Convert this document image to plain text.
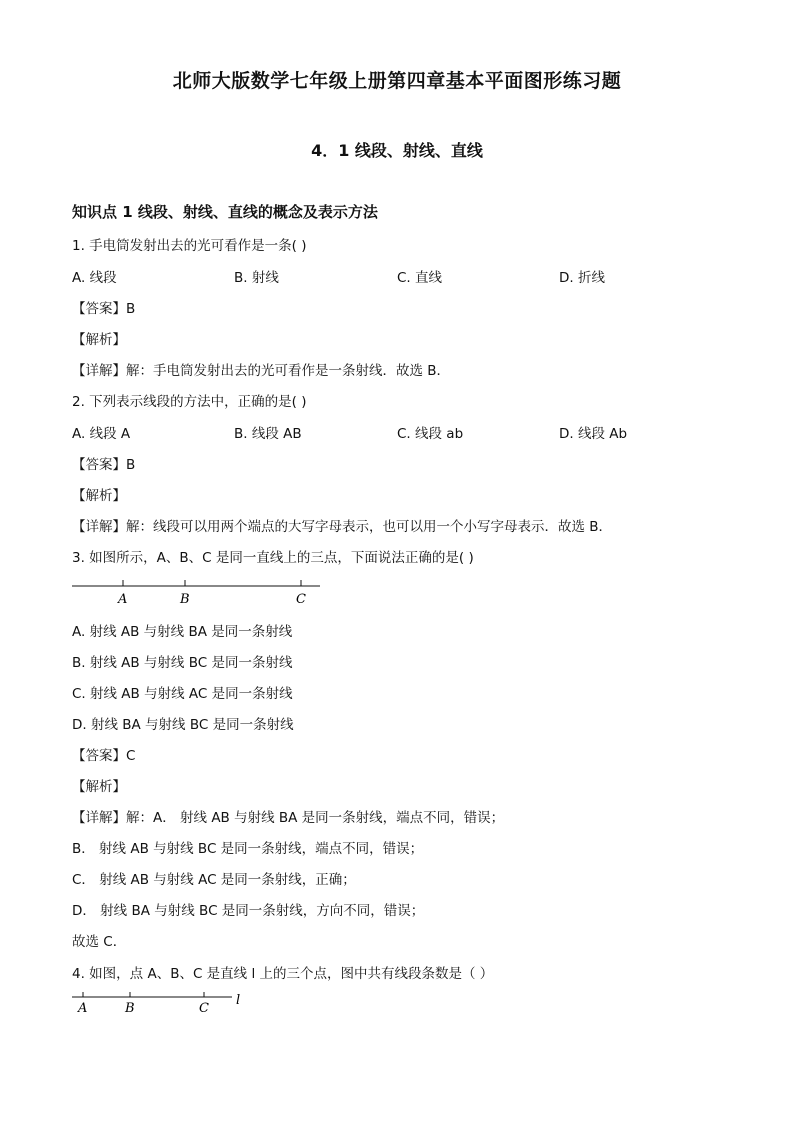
北师大版数学七年级上册第四章基本平面图形练习题
4．1 线段、射线、直线
知识点 1 线段、射线、直线的概念及表示方法
1. 手电筒发射出去的光可看作是一条( )
A. 线段	B. 射线	C. 直线	D. 折线
【答案】B
【解析】
【详解】解：手电筒发射出去的光可看作是一条射线．故选 B．
2. 下列表示线段的方法中，正确的是( )
A. 线段 A	B. 线段 AB	C. 线段 ab	D. 线段 Ab
【答案】B
【解析】
【详解】解：线段可以用两个端点的大写字母表示，也可以用一个小写字母表示．故选 B．
3. 如图所示，A、B、C 是同一直线上的三点，下面说法正确的是( )
A	B	C
A. 射线 AB 与射线 BA 是同一条射线
B. 射线 AB 与射线 BC 是同一条射线
C. 射线 AB 与射线 AC 是同一条射线
D. 射线 BA 与射线 BC 是同一条射线
【答案】C
【解析】
【详解】解：A． 射线 AB 与射线 BA 是同一条射线，端点不同，错误；
B． 射线 AB 与射线 BC 是同一条射线，端点不同，错误；
C． 射线 AB 与射线 AC 是同一条射线，正确；
D． 射线 BA 与射线 BC 是同一条射线，方向不同，错误；
故选 C．
4. 如图，点 A、B、C 是直线 l 上的三个点，图中共有线段条数是（ ）
A	B	C
l
